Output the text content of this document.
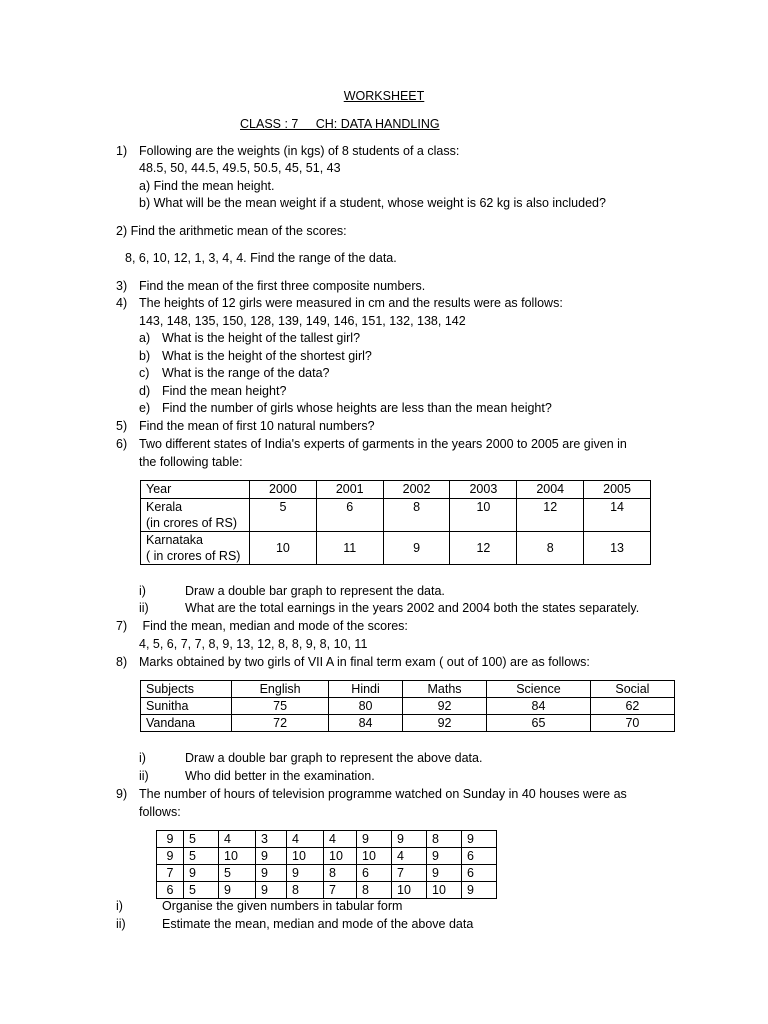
WORKSHEET
CLASS : 7     CH: DATA HANDLING
1) Following are the weights (in kgs) of 8 students of a class:
48.5, 50, 44.5, 49.5, 50.5, 45, 51, 43
a) Find the mean height.
b) What will be the mean weight if a student, whose weight is 62 kg is also included?
2) Find the arithmetic mean of the scores:
8, 6, 10, 12, 1, 3, 4, 4. Find the range of the data.
3) Find the mean of the first three composite numbers.
4) The heights of 12 girls were measured in cm and the results were as follows:
143, 148, 135, 150, 128, 139, 149, 146, 151, 132, 138, 142
a) What is the height of the tallest girl?
b) What is the height of the shortest girl?
c) What is the range of the data?
d) Find the mean height?
e) Find the number of girls whose heights are less than the mean height?
5) Find the mean of first 10 natural numbers?
6) Two different states of India's experts of garments in the years 2000 to 2005 are given in
the following table:
Year	2000	2001	2002	2003	2004	2005
Kerala
(in crores of RS)	5	6	8	10	12	14
Karnataka
( in crores of RS)	10	11	9	12	8	13
i)	Draw a double bar graph to represent the data.
ii)	What are the total earnings in the years 2002 and 2004 both the states separately.
7) Find the mean, median and mode of the scores:
4, 5, 6, 7, 7, 8, 9, 13, 12, 8, 8, 9, 8, 10, 11
8) Marks obtained by two girls of VII A in final term exam ( out of 100) are as follows:
Subjects	English	Hindi	Maths	Science	Social
Sunitha	75	80	92	84	62
Vandana	72	84	92	65	70
i)	Draw a double bar graph to represent the above data.
ii)	Who did better in the examination.
9) The number of hours of television programme watched on Sunday in 40 houses were as
follows:
9	5	4	3	4	4	9	9	8	9
9	5	10	9	10	10	10	4	9	6
7	9	5	9	9	8	6	7	9	6
6	5	9	9	8	7	8	10	10	9
i)	Organise the given numbers in tabular form
ii)	Estimate the mean, median and mode of the above data
